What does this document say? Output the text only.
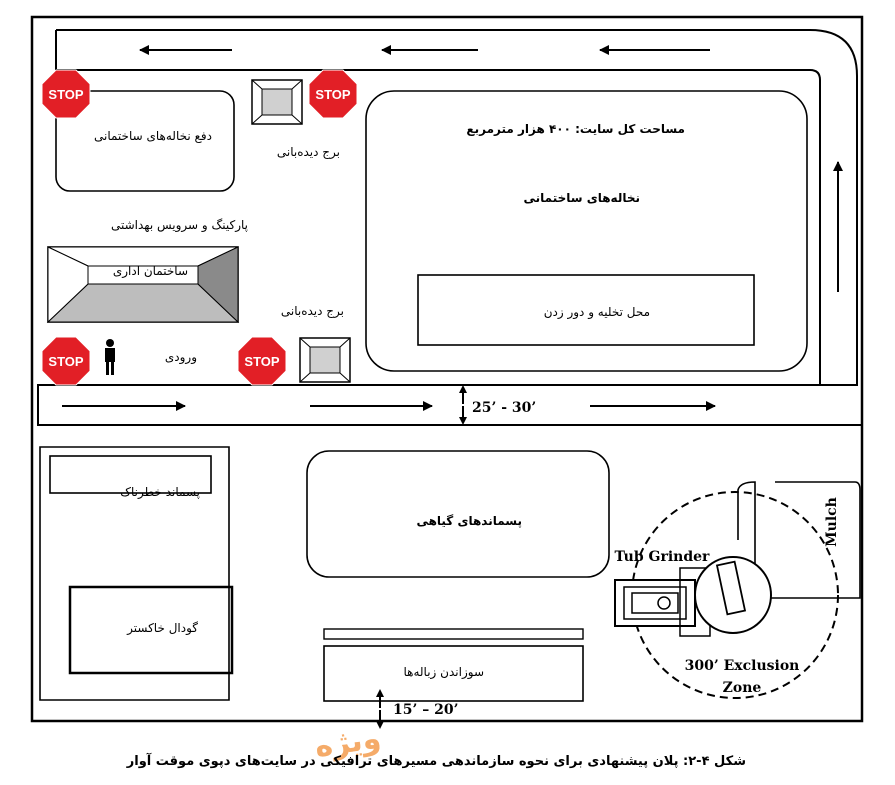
25’ - 30’
دفع نخاله‌های ساختمانی
STOP	STOP
برج دیده‌بانی
مساحت کل سایت: ۴۰۰ هزار مترمربع
نخاله‌های ساختمانی
محل تخلیه و دور زدن
پارکینگ و سرویس بهداشتی
ساختمان اداری
برج دیده‌بانی
STOP	STOP
ورودی
پسماند خطرناک
گودال خاکستر
پسماندهای گیاهی
سوزاندن زباله‌ها
15’ – 20’
Mulch
300’ Exclusion
Zone
Tub Grinder
ویژه
شکل ۴-۲: پلان پیشنهادی برای نحوه سازماندهی مسیرهای ترافیکی در سایت‌های دپوی موقت آوار
